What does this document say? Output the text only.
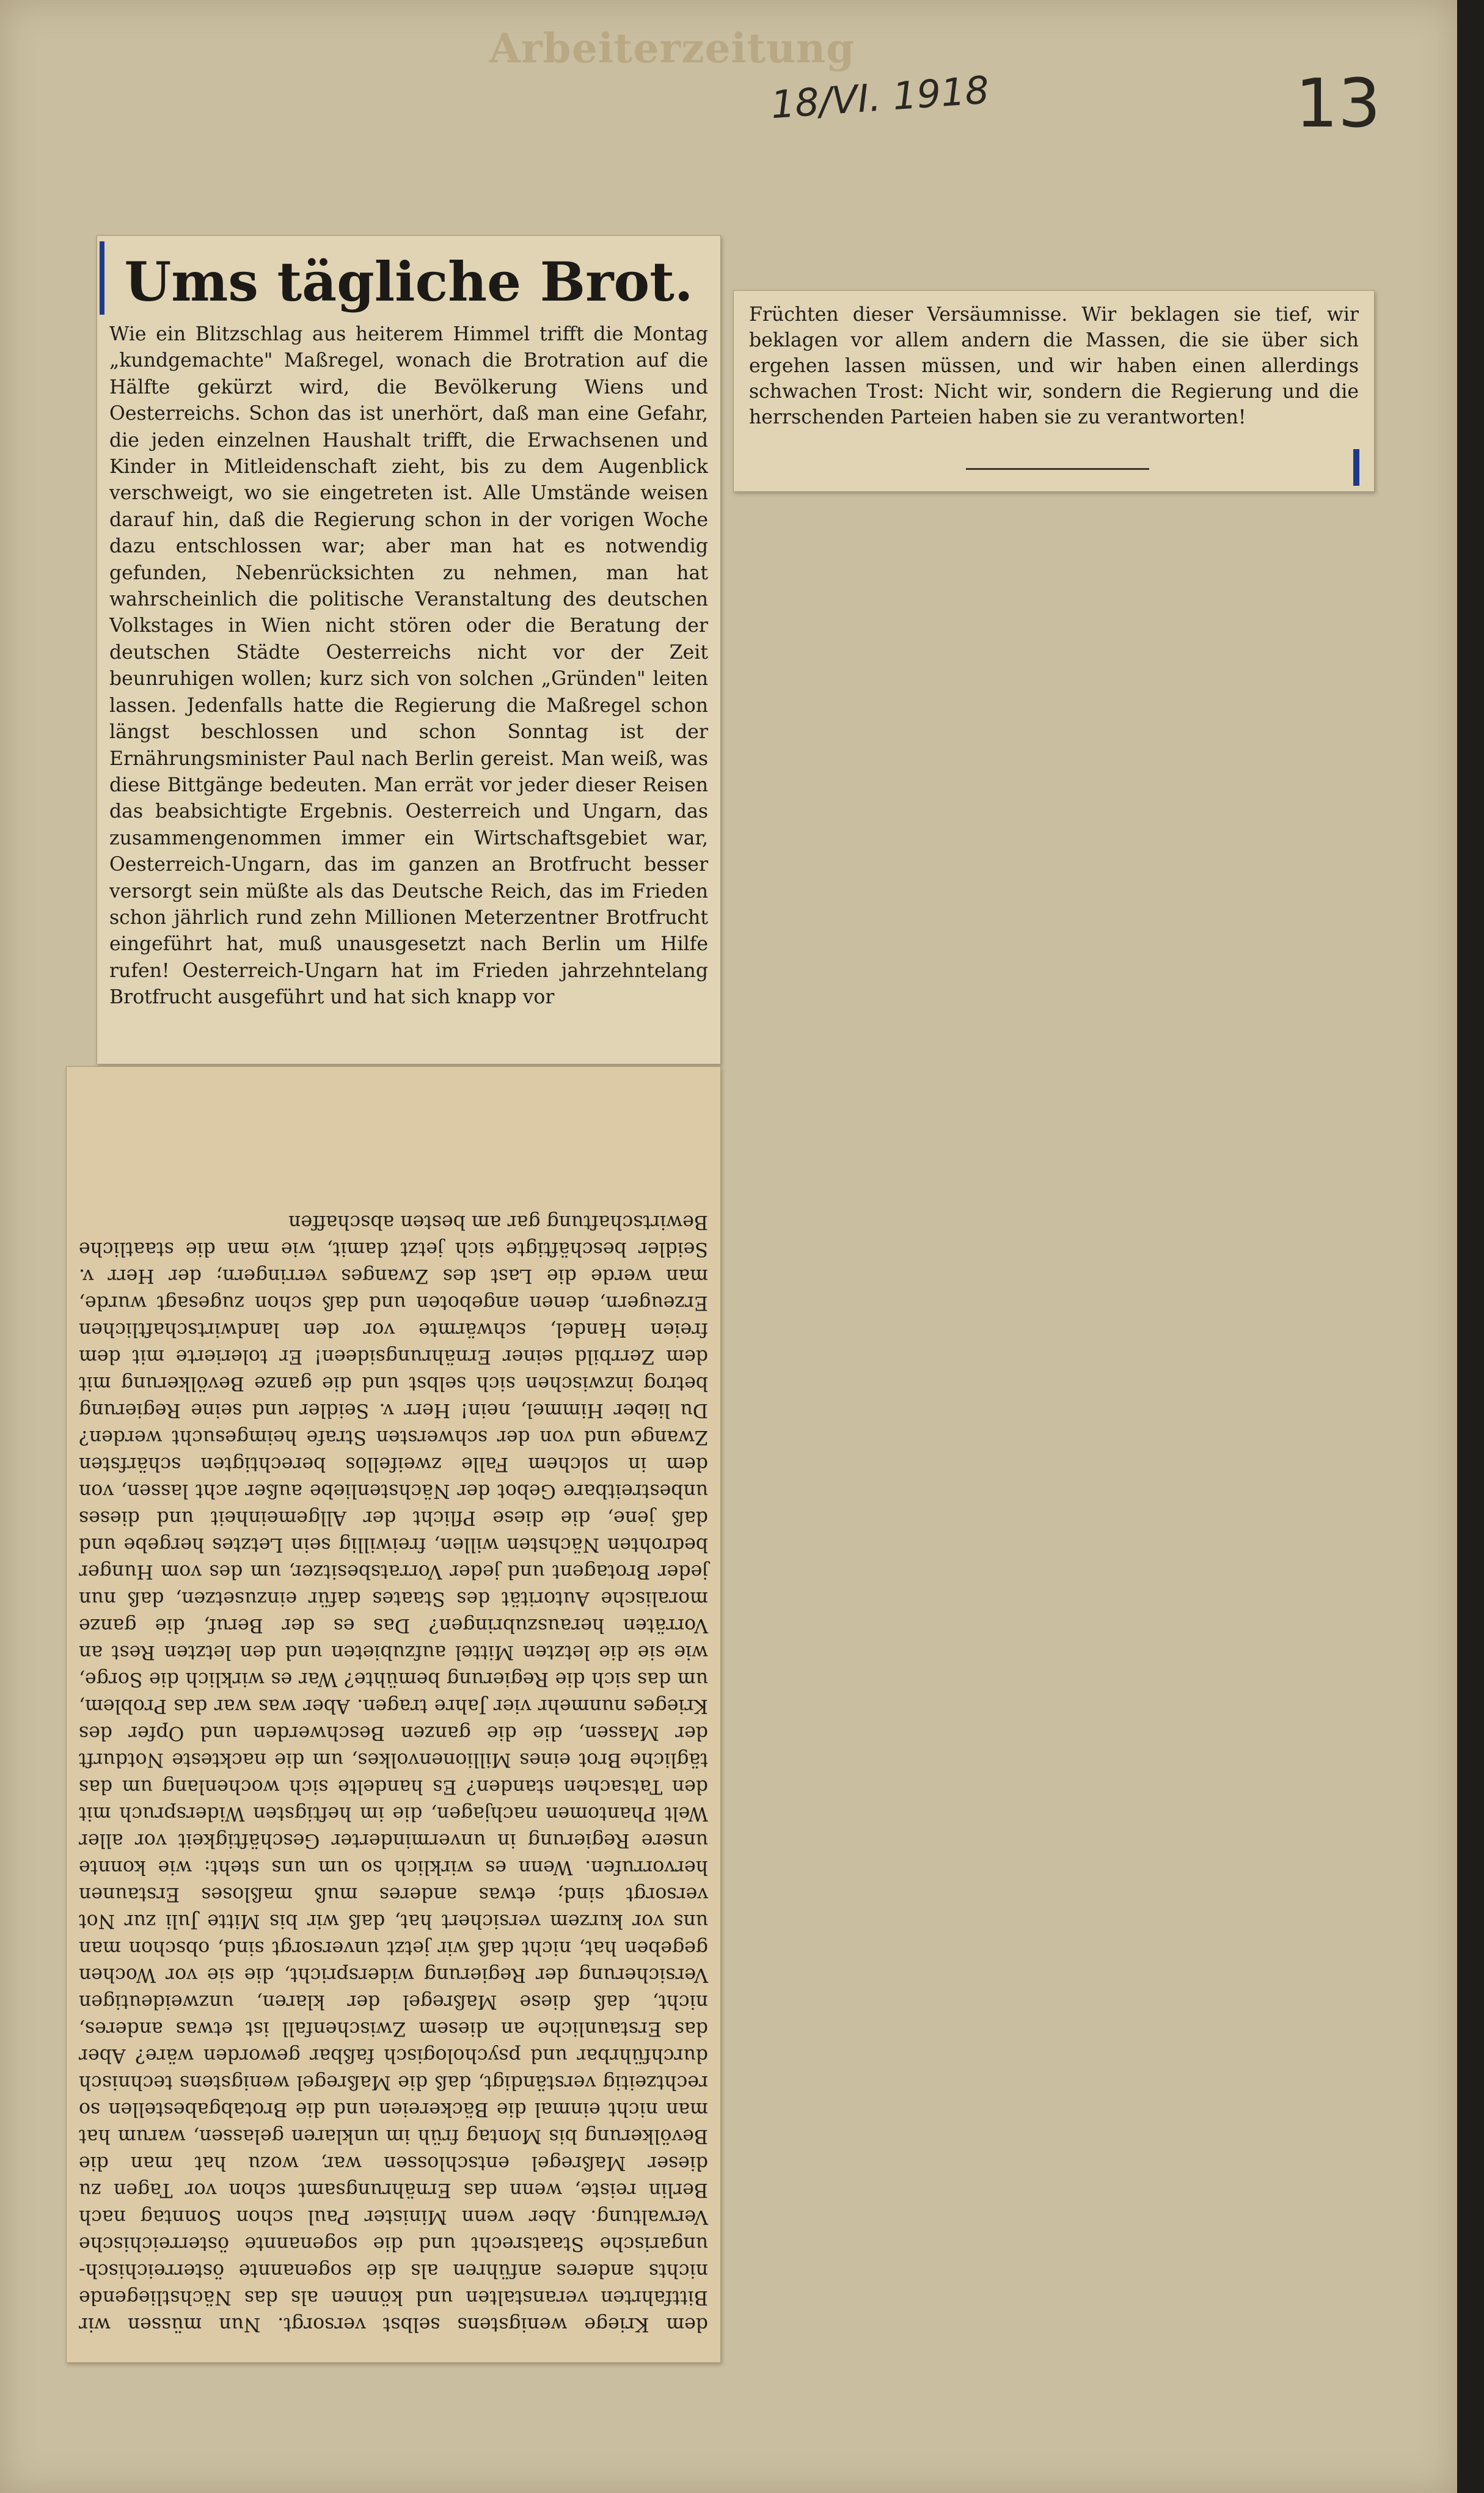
Arbeiterzeitung
18/VI. 1918	13
Ums tägliche Brot.
Wie ein Blitzschlag aus heiterem Himmel trifft die Montag „kundgemachte" Maßregel, wonach die Brotration auf die Hälfte gekürzt wird, die Bevölkerung Wiens und Oesterreichs. Schon das ist unerhört, daß man eine Gefahr, die jeden einzelnen Haushalt trifft, die Erwachsenen und Kinder in Mitleidenschaft zieht, bis zu dem Augenblick verschweigt, wo sie eingetreten ist. Alle Umstände weisen darauf hin, daß die Regierung schon in der vorigen Woche dazu entschlossen war; aber man hat es notwendig gefunden, Nebenrücksichten zu nehmen, man hat wahrscheinlich die politische Veranstaltung des deutschen Volkstages in Wien nicht stören oder die Beratung der deutschen Städte Oesterreichs nicht vor der Zeit beunruhigen wollen; kurz sich von solchen „Gründen" leiten lassen. Jedenfalls hatte die Regierung die Maßregel schon längst beschlossen und schon Sonntag ist der Ernährungsminister Paul nach Berlin gereist. Man weiß, was diese Bittgänge bedeuten. Man errät vor jeder dieser Reisen das beabsichtigte Ergebnis. Oesterreich und Ungarn, das zusammengenommen immer ein Wirtschaftsgebiet war, Oesterreich-Ungarn, das im ganzen an Brotfrucht besser versorgt sein müßte als das Deutsche Reich, das im Frieden schon jährlich rund zehn Millionen Meterzentner Brotfrucht eingeführt hat, muß unausgesetzt nach Berlin um Hilfe rufen! Oesterreich-Ungarn hat im Frieden jahrzehntelang Brotfrucht ausgeführt und hat sich knapp vor
dem Kriege wenigstens selbst versorgt. Nun müssen wir Bittfahrten veranstalten und können als das Nächstliegende nichts anderes anführen als die sogenannte österreichisch-ungarische Staatsrecht und die sogenannte österreichische Verwaltung. Aber wenn Minister Paul schon Sonntag nach Berlin reiste, wenn das Ernährungsamt schon vor Tagen zu dieser Maßregel entschlossen war, wozu hat man die Bevölkerung bis Montag früh im unklaren gelassen, warum hat man nicht einmal die Bäckereien und die Brotabgabestellen so rechtzeitig verständigt, daß die Maßregel wenigstens technisch durchführbar und psychologisch faßbar geworden wäre? Aber das Erstaunliche an diesem Zwischenfall ist etwas anderes, nicht, daß diese Maßregel der klaren, unzweideutigen Versicherung der Regierung widerspricht, die sie vor Wochen gegeben hat, nicht daß wir jetzt unversorgt sind, obschon man uns vor kurzem versichert hat, daß wir bis Mitte Juli zur Not versorgt sind; etwas anderes muß maßloses Erstaunen hervorrufen. Wenn es wirklich so um uns steht: wie konnte unsere Regierung in unverminderter Geschäftigkeit vor aller Welt Phantomen nachjagen, die im heftigsten Widerspruch mit den Tatsachen standen? Es handelte sich wochenlang um das tägliche Brot eines Millionenvolkes, um die nackteste Notdurft der Massen, die die ganzen Beschwerden und Opfer des Krieges nunmehr vier Jahre tragen. Aber was war das Problem, um das sich die Regierung bemühte? War es wirklich die Sorge, wie sie die letzten Mittel aufzubieten und den letzten Rest an Vorräten herauszubringen? Das es der Beruf, die ganze moralische Autorität des Staates dafür einzusetzen, daß nun jeder Brotagent und jeder Vorratsbesitzer, um des vom Hunger bedrohten Nächsten willen, freiwillig sein Letztes hergebe und daß jene, die diese Pflicht der Allgemeinheit und dieses unbestreitbare Gebot der Nächstenliebe außer acht lassen, von dem in solchem Falle zweifellos berechtigten schärfsten Zwange und von der schwersten Strafe heimgesucht werden? Du lieber Himmel, nein! Herr v. Seidler und seine Regierung betrog inzwischen sich selbst und die ganze Bevölkerung mit dem Zerrbild seiner Ernährungsideen! Er tolerierte mit dem freien Handel, schwärmte vor den landwirtschaftlichen Erzeugern, denen angeboten und daß schon zugesagt wurde, man werde die Last des Zwanges verringern; der Herr v. Seidler beschäftigte sich jetzt damit, wie man die staatliche Bewirtschaftung gar am besten abschaffen
Früchten dieser Versäumnisse. Wir beklagen sie tief, wir beklagen vor allem andern die Massen, die sie über sich ergehen lassen müssen, und wir haben einen allerdings schwachen Trost: Nicht wir, sondern die Regierung und die herrschenden Parteien haben sie zu verantworten!
